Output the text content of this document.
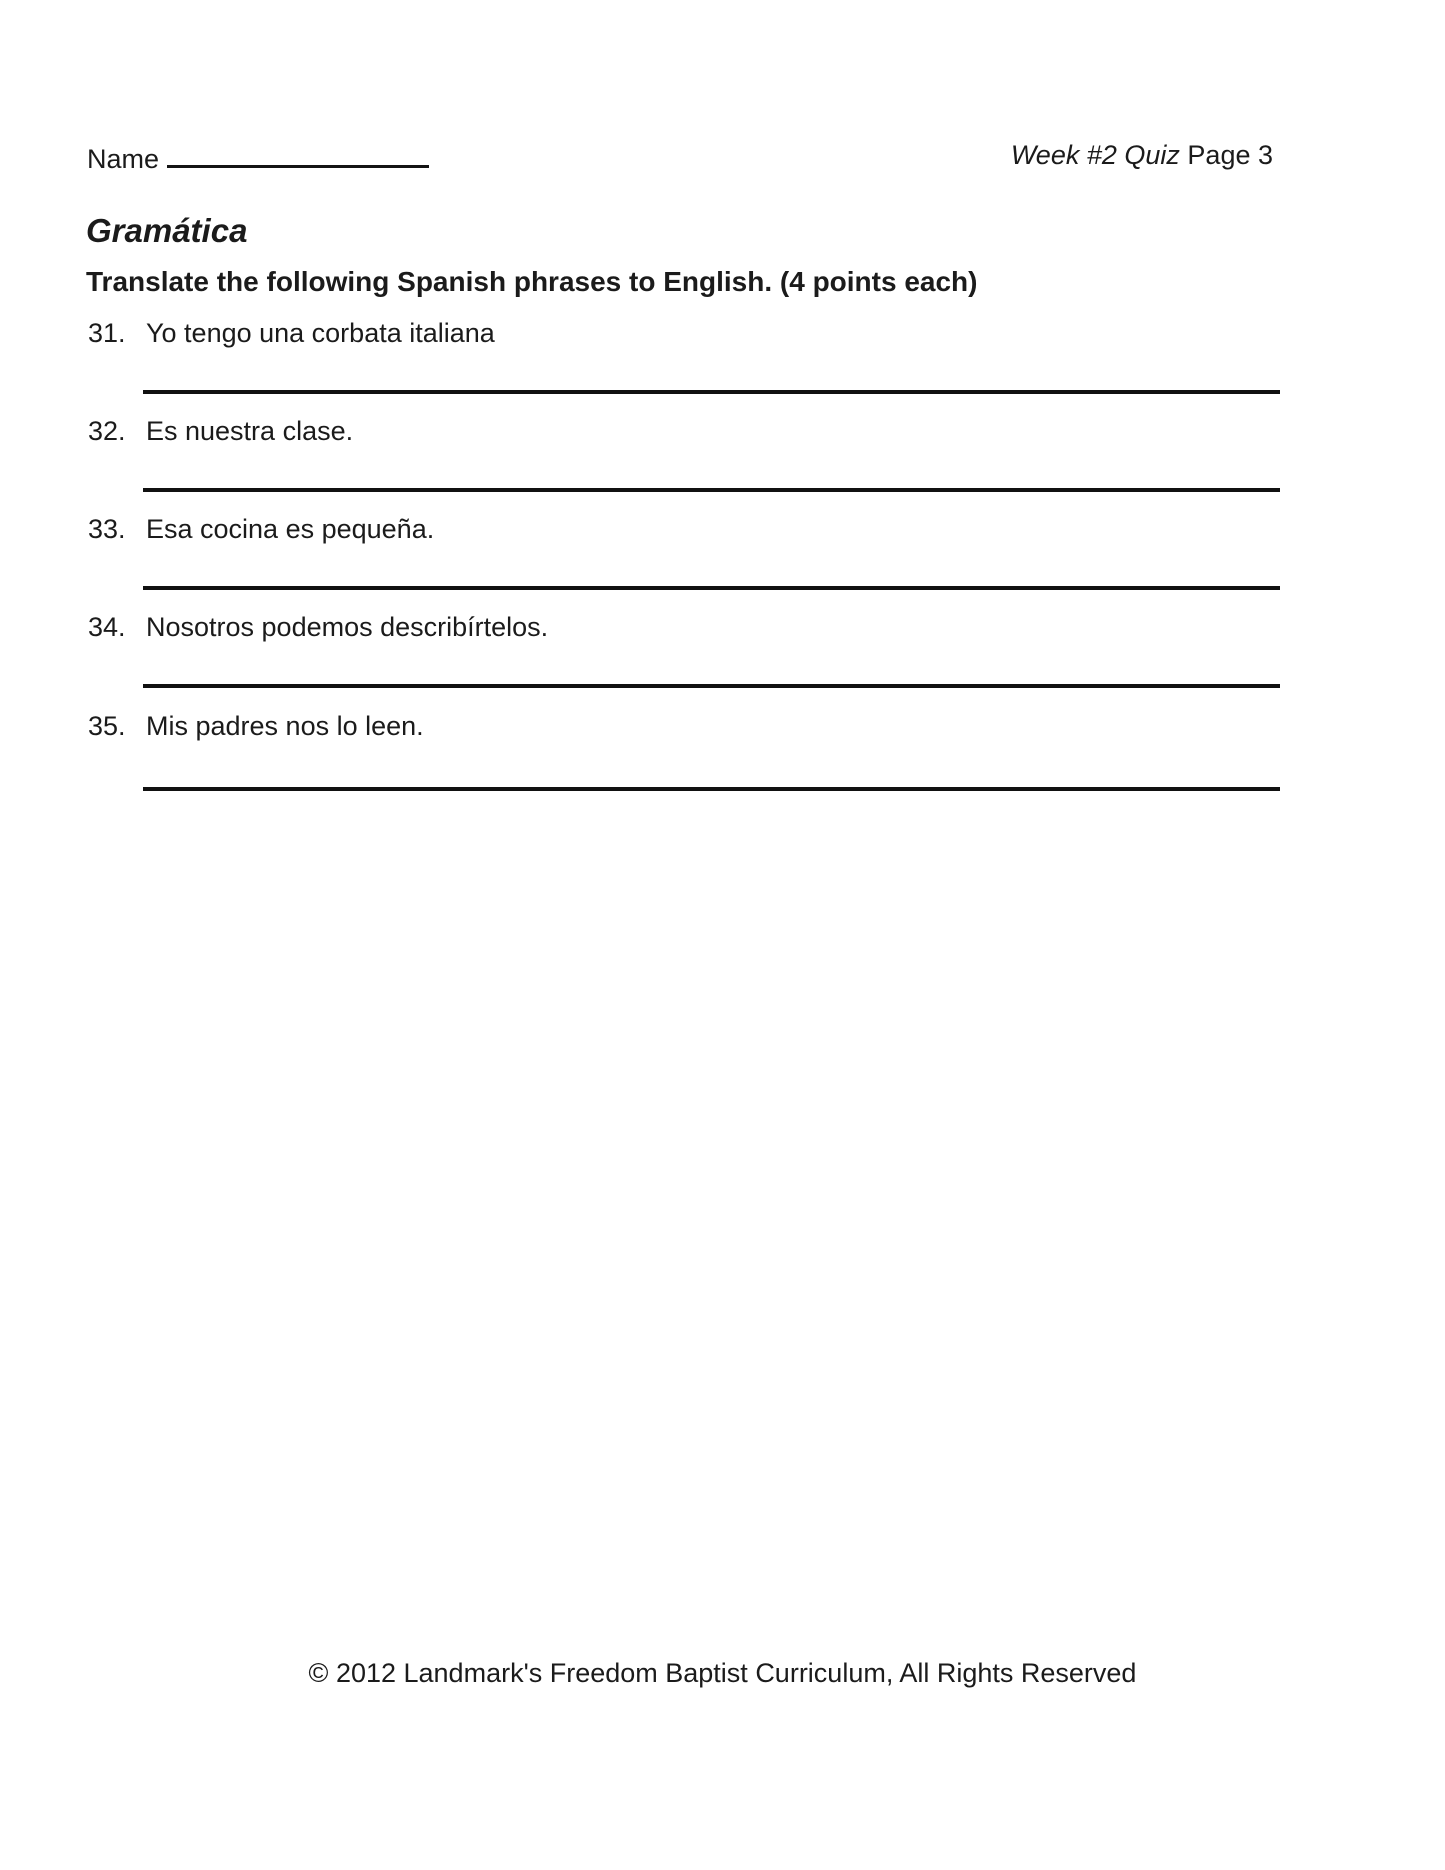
Name	Week #2 Quiz Page 3
Gramática
Translate the following Spanish phrases to English. (4 points each)
31. Yo tengo una corbata italiana
32. Es nuestra clase.
33. Esa cocina es pequeña.
34. Nosotros podemos describírtelos.
35. Mis padres nos lo leen.
© 2012 Landmark's Freedom Baptist Curriculum, All Rights Reserved
